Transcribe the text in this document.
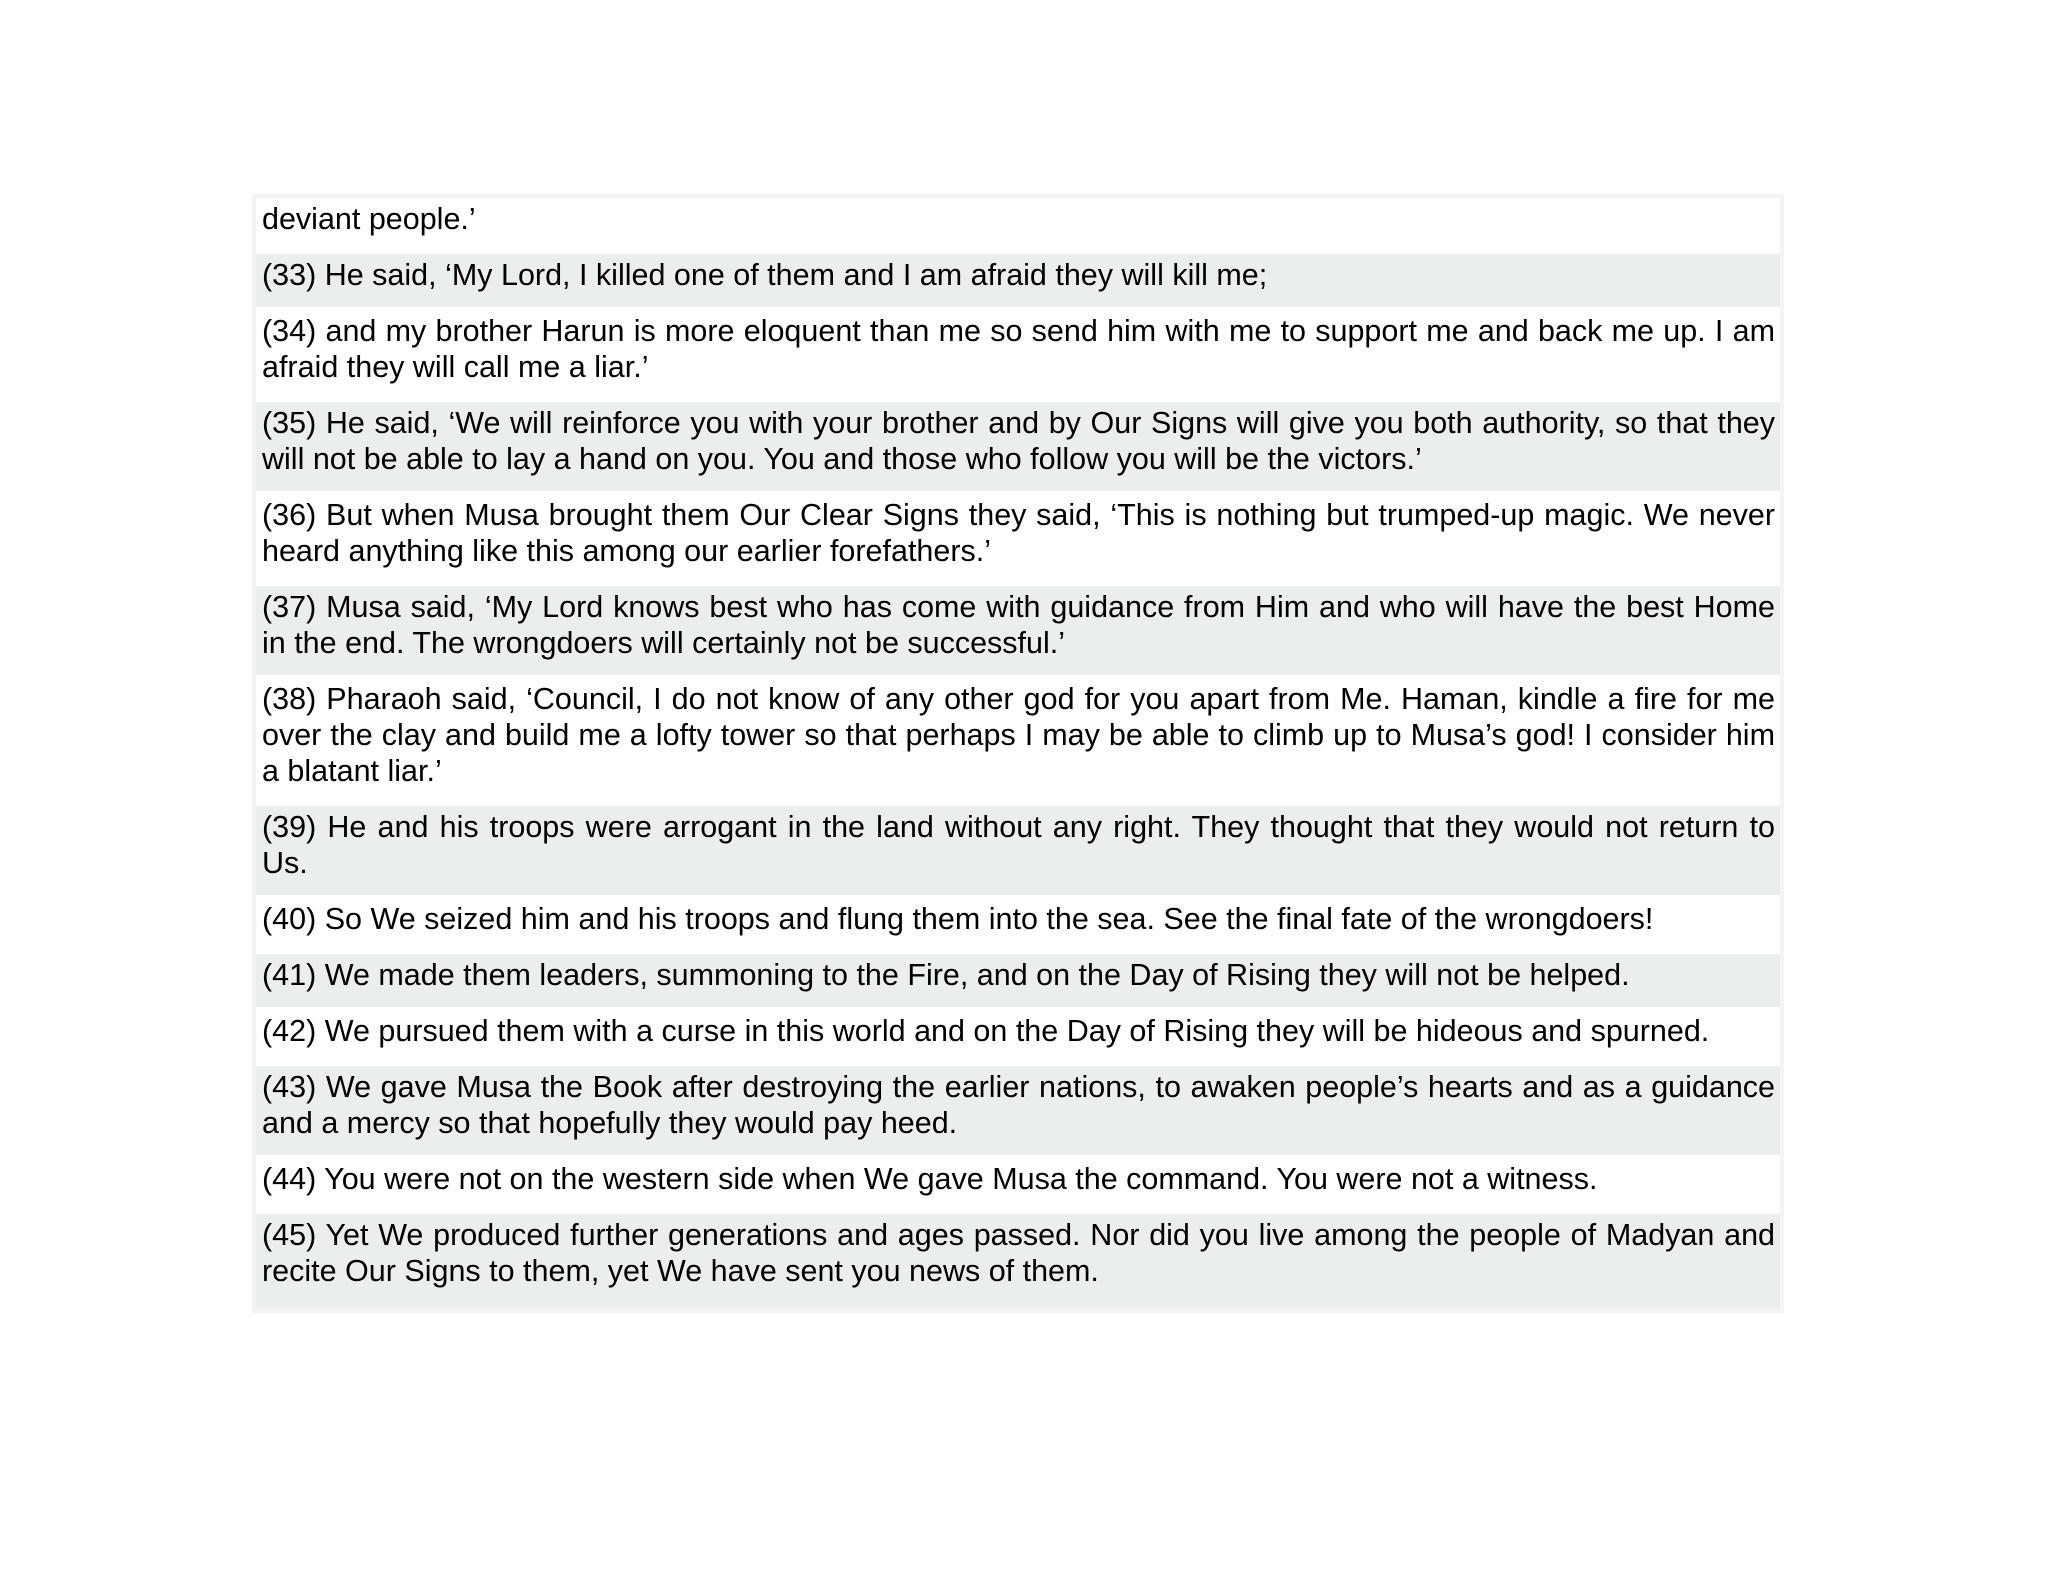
deviant people.’
(33) He said, ‘My Lord, I killed one of them and I am afraid they will kill me;
(34) and my brother Harun is more eloquent than me so send him with me to support me and back me up. I am afraid they will call me a liar.’
(35) He said, ‘We will reinforce you with your brother and by Our Signs will give you both authority, so that they will not be able to lay a hand on you. You and those who follow you will be the victors.’
(36) But when Musa brought them Our Clear Signs they said, ‘This is nothing but trumped-up magic. We never heard anything like this among our earlier forefathers.’
(37) Musa said, ‘My Lord knows best who has come with guidance from Him and who will have the best Home in the end. The wrongdoers will certainly not be successful.’
(38) Pharaoh said, ‘Council, I do not know of any other god for you apart from Me. Haman, kindle a fire for me over the clay and build me a lofty tower so that perhaps I may be able to climb up to Musa’s god! I consider him a blatant liar.’
(39) He and his troops were arrogant in the land without any right. They thought that they would not return to Us.
(40) So We seized him and his troops and flung them into the sea. See the final fate of the wrongdoers!
(41) We made them leaders, summoning to the Fire, and on the Day of Rising they will not be helped.
(42) We pursued them with a curse in this world and on the Day of Rising they will be hideous and spurned.
(43) We gave Musa the Book after destroying the earlier nations, to awaken people’s hearts and as a guidance and a mercy so that hopefully they would pay heed.
(44) You were not on the western side when We gave Musa the command. You were not a witness.
(45) Yet We produced further generations and ages passed. Nor did you live among the people of Madyan and recite Our Signs to them, yet We have sent you news of them.
